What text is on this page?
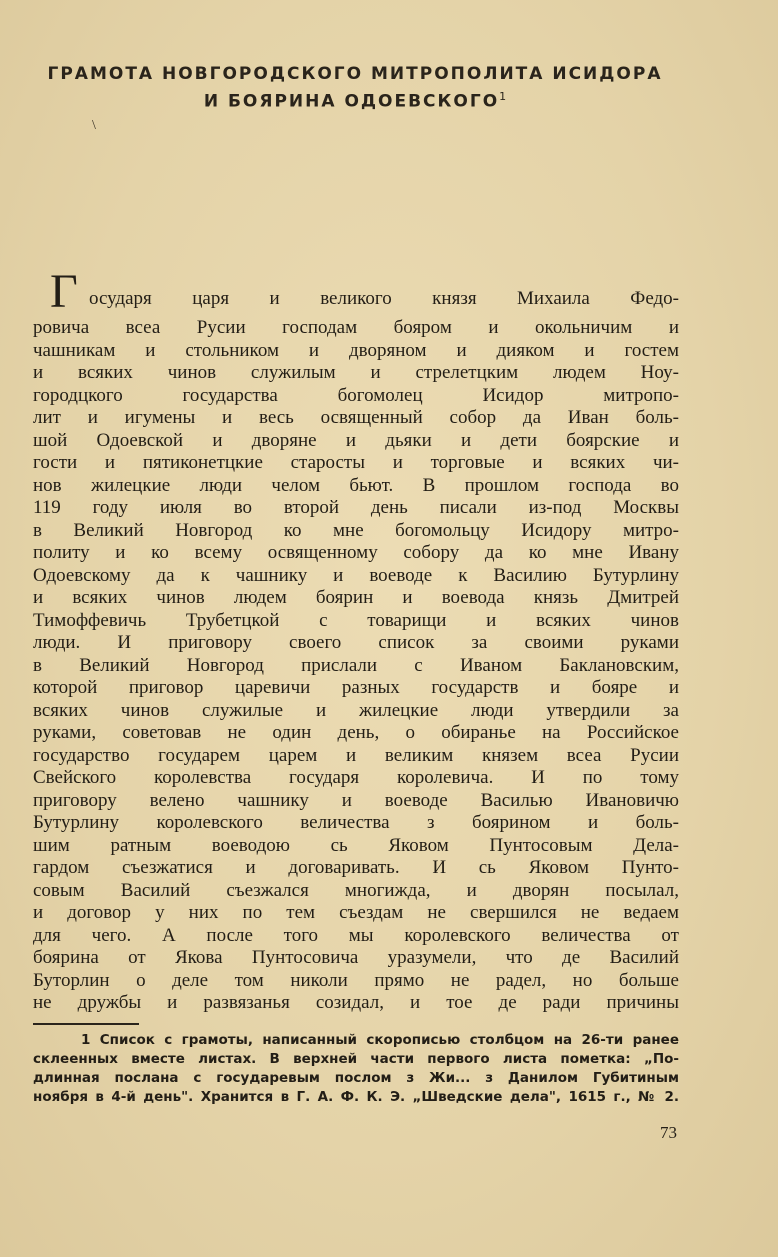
ГРАМОТА НОВГОРОДСКОГО МИТРОПОЛИТА ИСИДОРА
И БОЯРИНА ОДОЕВСКОГО$^1$
\
Г осударя царя и великого князя Михаила Федо-
ровича всеа Русии господам бояром и окольничим и
чашникам и стольником и дворяном и дияком и гостем
и всяких чинов служилым и стрелетцким людем Ноу-
городцкого государства богомолец Исидор митропо-
лит и игумены и весь освященный собор да Иван боль-
шой Одоевской и дворяне и дьяки и дети боярские и
гости и пятиконетцкие старосты и торговые и всяких чи-
нов жилецкие люди челом бьют. В прошлом господа во
119 году июля во второй день писали из-под Москвы
в Великий Новгород ко мне богомольцу Исидору митро-
политу и ко всему освященному собору да ко мне Ивану
Одоевскому да к чашнику и воеводе к Василию Бутурлину
и всяких чинов людем боярин и воевода князь Дмитрей
Тимоффевичь Трубетцкой с товарищи и всяких чинов
люди. И приговору своего список за своими руками
в Великий Новгород прислали с Иваном Баклановским,
которой приговор царевичи разных государств и бояре и
всяких чинов служилые и жилецкие люди утвердили за
руками, советовав не один день, о обиранье на Российское
государство государем царем и великим князем всеа Русии
Свейского королевства государя королевича. И по тому
приговору велено чашнику и воеводе Василью Ивановичю
Бутурлину королевского величества з боярином и боль-
шим ратным воеводою сь Яковом Пунтосовым Дела-
гардом съезжатися и договаривать. И сь Яковом Пунто-
совым Василий съезжался многижда, и дворян посылал,
и договор у них по тем съездам не свершился не ведаем
для чего. А после того мы королевского величества от
боярина от Якова Пунтосовича уразумели, что де Василий
Буторлин о деле том николи прямо не радел, но больше
не дружбы и развязанья созидал, и тое де ради причины
1 Список с грамоты, написанный скорописью столбцом на 26-ти ранее
склеенных вместе листах. В верхней части первого листа пометка: „По-
длинная послана с государевым послом з Жи... з Данилом Губитиным
ноября в 4-й день". Хранится в Г. А. Ф. К. Э. „Шведские дела", 1615 г., № 2.
73
